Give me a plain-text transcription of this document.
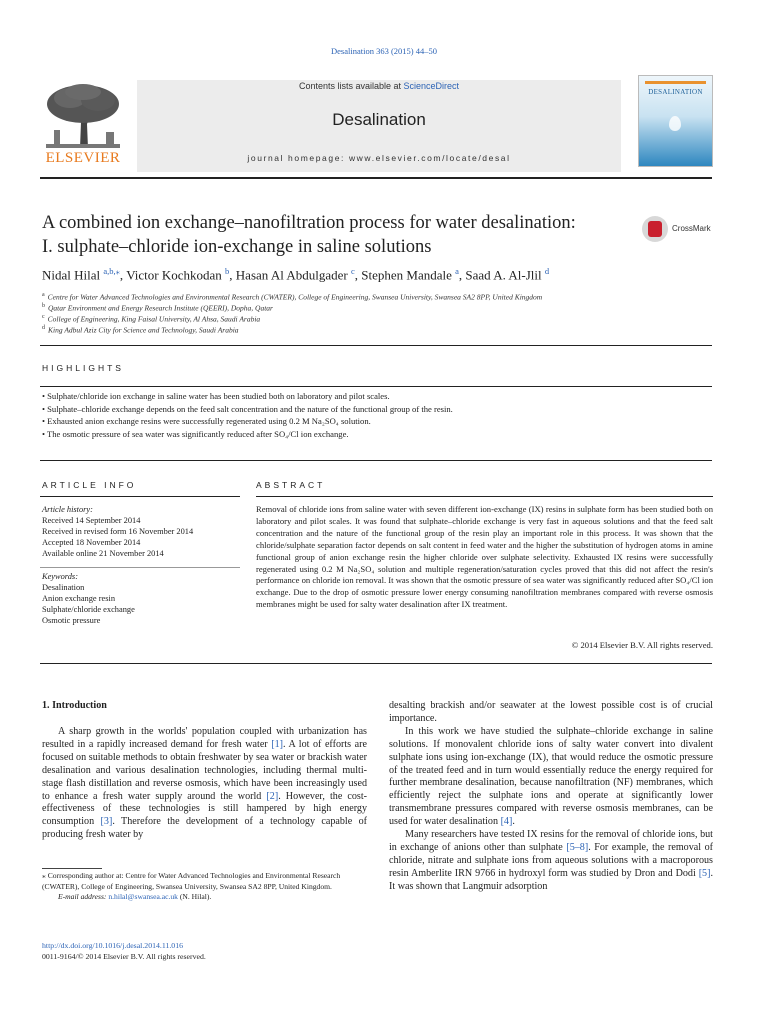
Desalination 363 (2015) 44–50
ELSEVIER
Contents lists available at ScienceDirect
Desalination
journal homepage: www.elsevier.com/locate/desal
DESALINATION
A combined ion exchange–nanofiltration process for water desalination:
I. sulphate–chloride ion-exchange in saline solutions
CrossMark
Nidal Hilal $^{a,b,⁎}$, Victor Kochkodan $^b$, Hasan Al Abdulgader $^c$, Stephen Mandale $^a$, Saad A. Al-Jlil $^d$
$^a$ Centre for Water Advanced Technologies and Environmental Research (CWATER), College of Engineering, Swansea University, Swansea SA2 8PP, United Kingdom
$^b$ Qatar Environment and Energy Research Institute (QEERI), Dopha, Qatar
$^c$ College of Engineering, King Faisal University, Al Ahsa, Saudi Arabia
$^d$ King Adbul Aziz City for Science and Technology, Saudi Arabia
HIGHLIGHTS
• Sulphate/chloride ion exchange in saline water has been studied both on laboratory and pilot scales.
• Sulphate–chloride exchange depends on the feed salt concentration and the nature of the functional group of the resin.
• Exhausted anion exchange resins were successfully regenerated using 0.2 M Na₂SO₄ solution.
• The osmotic pressure of sea water was significantly reduced after SO₄/Cl ion exchange.
ARTICLE INFO
Article history:
Received 14 September 2014
Received in revised form 16 November 2014
Accepted 18 November 2014
Available online 21 November 2014
Keywords:
Desalination
Anion exchange resin
Sulphate/chloride exchange
Osmotic pressure
ABSTRACT
Removal of chloride ions from saline water with seven different ion-exchange (IX) resins in sulphate form has been studied both on laboratory and pilot scales. It was found that sulphate–chloride exchange is very fast in aqueous solutions and that the feed salt concentration and the nature of the functional group of the resin play an important role in this process. It was shown that the chloride/sulphate separation factor depends on salt content in feed water and the higher the substitution of hydrogen atoms in amine functional group of anion exchange resin the higher chloride over sulphate selectivity. Exhausted IX resins were successfully regenerated using 0.2 M Na₂SO₄ solution and multiple regeneration/saturation cycles proved that this did not affect the resin's performance on chloride ion removal. It was shown that the osmotic pressure of sea water was significantly reduced after SO₄/Cl ion exchange. Due to the drop of osmotic pressure lower energy consuming nanofiltration membranes compared with reverse osmosis membranes might be used for salty water desalination after IX treatment.
© 2014 Elsevier B.V. All rights reserved.
1. Introduction

A sharp growth in the worlds' population coupled with urbanization has resulted in a rapidly increased demand for fresh water [1]. A lot of efforts are focused on suitable methods to obtain freshwater by sea water or brackish water desalination and various desalination technologies, including thermal multi-stage flash distillation and reverse osmosis, which have been increasingly used to enhance a fresh water supply around the world [2]. However, the cost-effectiveness of these technologies is still hampered by high energy consumption [3]. Therefore the development of a technology capable of producing fresh water by

desalting brackish and/or seawater at the lowest possible cost is of crucial importance.

In this work we have studied the sulphate–chloride exchange in saline solutions. If monovalent chloride ions of salty water convert into divalent sulphate ions using ion-exchange (IX), that would reduce the osmotic pressure of the treated feed and in turn would essentially reduce the energy required for further membrane desalination, because nanofiltration (NF) membranes, which efficiently reject the sulphate ions and operate at significantly lower transmembrane pressures compared with reverse osmosis membranes, can be used for water desalination [4].

Many researchers have tested IX resins for the removal of chloride ions, but in exchange of anions other than sulphate [5–8]. For example, the removal of chloride, nitrate and sulphate ions from aqueous solutions with a macroporous resin Amberlite IRN 9766 in hydroxyl form was studied by Dron and Dodi [5]. It was shown that Langmuir adsorption

⁎ Corresponding author at: Centre for Water Advanced Technologies and Environmental Research (CWATER), College of Engineering, Swansea University, Swansea SA2 8PP, United Kingdom.
E-mail address: n.hilal@swansea.ac.uk (N. Hilal).
http://dx.doi.org/10.1016/j.desal.2014.11.016
0011-9164/© 2014 Elsevier B.V. All rights reserved.
